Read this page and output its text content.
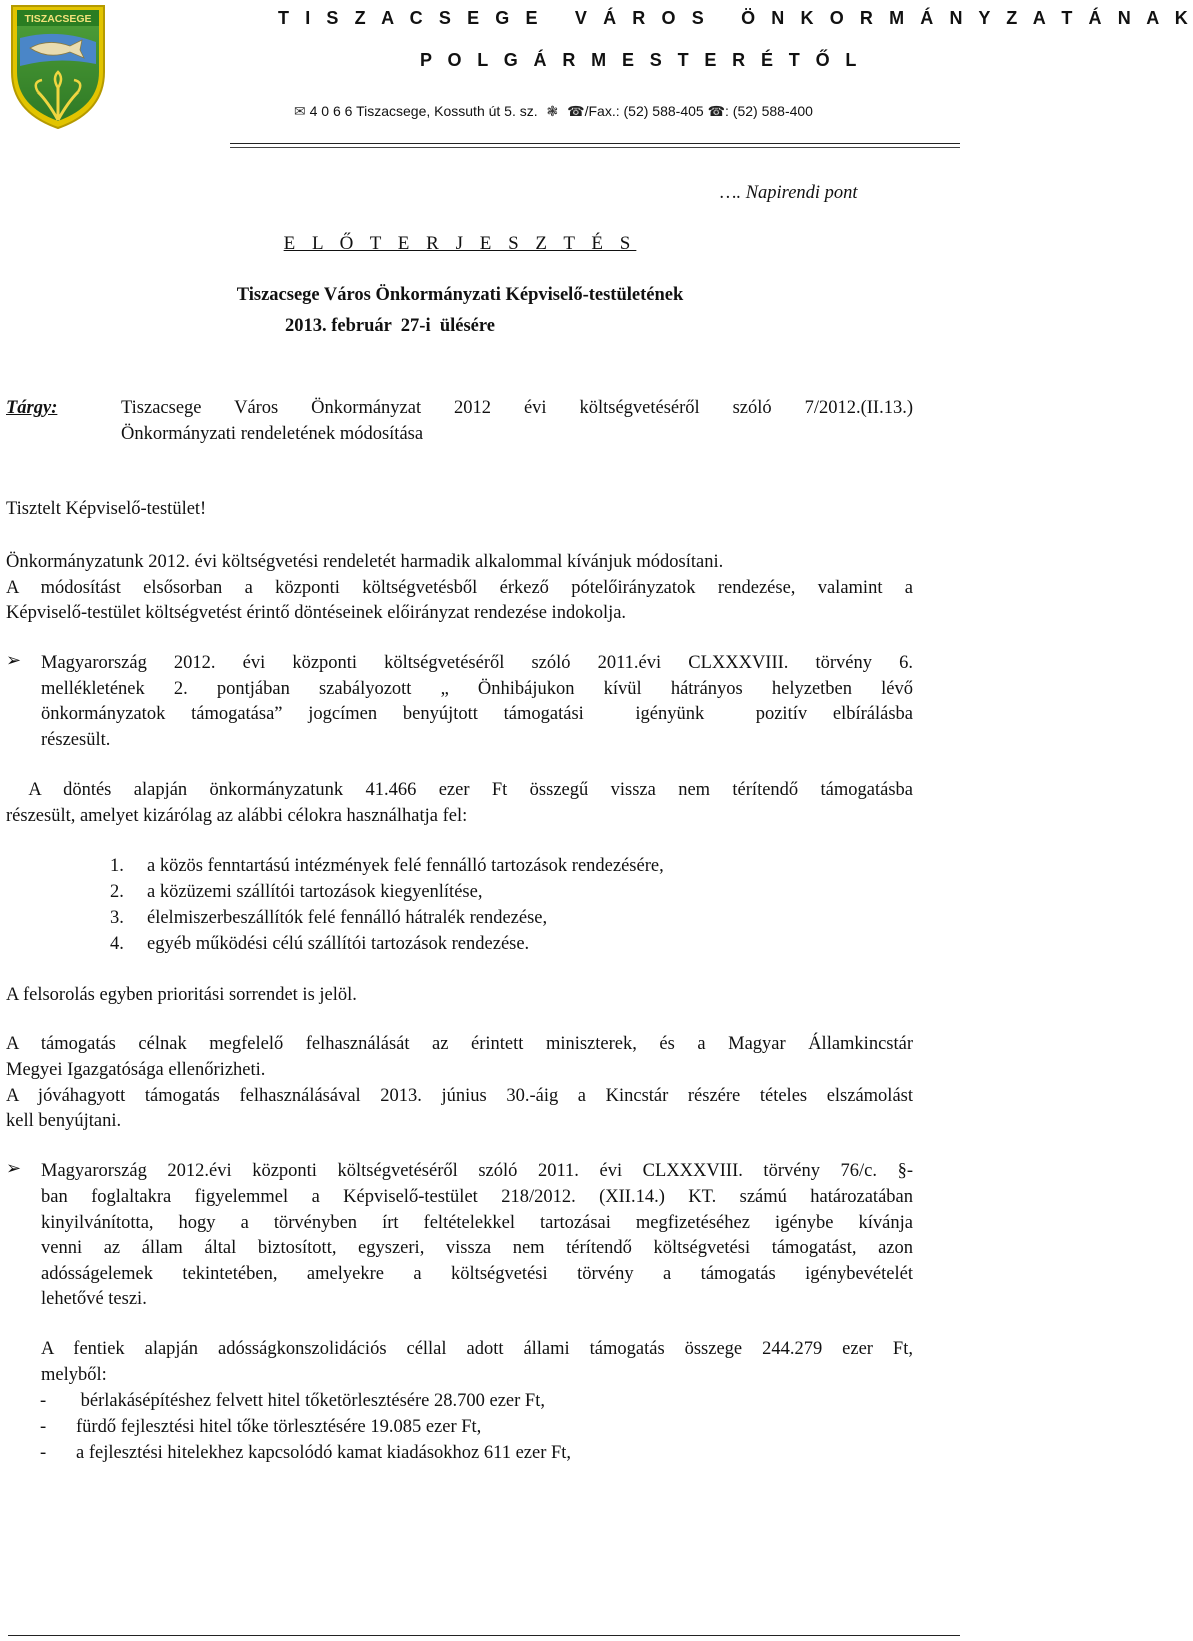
TISZACSEGE	T I S Z A C S E G E   V Á R O S   Ö N K O R M Á N Y Z A T Á N A K
P O L G Á R M E S T E R É T Ő L
✉ 4 0 6 6 Tiszacsege, Kossuth út 5. sz. ❃ ☎/Fax.: (52) 588-405 ☎: (52) 588-400
…. Napirendi pont
E L Ő T E R J E S Z T É S
Tiszacsege Város Önkormányzati Képviselő-testületének
2013. február  27-i  ülésére
Tárgy:	Tiszacsege Város Önkormányzat 2012 évi költségvetéséről szóló 7/2012.(II.13.)
Önkormányzati rendeletének módosítása
Tisztelt Képviselő-testület!
Önkormányzatunk 2012. évi költségvetési rendeletét harmadik alkalommal kívánjuk módosítani.
A módosítást elsősorban a központi költségvetésből érkező pótelőirányzatok rendezése, valamint a
Képviselő-testület költségvetést érintő döntéseinek előirányzat rendezése indokolja.
➢ Magyarország 2012. évi központi költségvetéséről szóló 2011.évi CLXXXVIII. törvény 6.
mellékletének 2. pontjában szabályozott „ Önhibájukon kívül hátrányos helyzetben lévő
önkormányzatok támogatása” jogcímen benyújtott támogatási  igényünk  pozitív elbírálásba
részesült.
A döntés alapján önkormányzatunk 41.466 ezer Ft összegű vissza nem térítendő támogatásba
részesült, amelyet kizárólag az alábbi célokra használhatja fel:
1.	a közös fenntartású intézmények felé fennálló tartozások rendezésére,
2.	a közüzemi szállítói tartozások kiegyenlítése,
3.	élelmiszerbeszállítók felé fennálló hátralék rendezése,
4.	egyéb működési célú szállítói tartozások rendezése.
A felsorolás egyben prioritási sorrendet is jelöl.
A támogatás célnak megfelelő felhasználását az érintett miniszterek, és a Magyar Államkincstár
Megyei Igazgatósága ellenőrizheti.
A jóváhagyott támogatás felhasználásával 2013. június 30.-áig a Kincstár részére tételes elszámolást
kell benyújtani.
➢ Magyarország 2012.évi központi költségvetéséről szóló 2011. évi CLXXXVIII. törvény 76/c. §-
ban foglaltakra figyelemmel a Képviselő-testület 218/2012. (XII.14.) KT. számú határozatában
kinyilvánította, hogy a törvényben írt feltételekkel tartozásai megfizetéséhez igénybe kívánja
venni az állam által biztosított, egyszeri, vissza nem térítendő költségvetési támogatást, azon
adósságelemek tekintetében, amelyekre a költségvetési törvény a támogatás igénybevételét
lehetővé teszi.
A fentiek alapján adósságkonszolidációs céllal adott állami támogatás összege 244.279 ezer Ft,
melyből:
- bérlakásépítéshez felvett hitel tőketörlesztésére 28.700 ezer Ft,
- fürdő fejlesztési hitel tőke törlesztésére 19.085 ezer Ft,
- a fejlesztési hitelekhez kapcsolódó kamat kiadásokhoz 611 ezer Ft,
